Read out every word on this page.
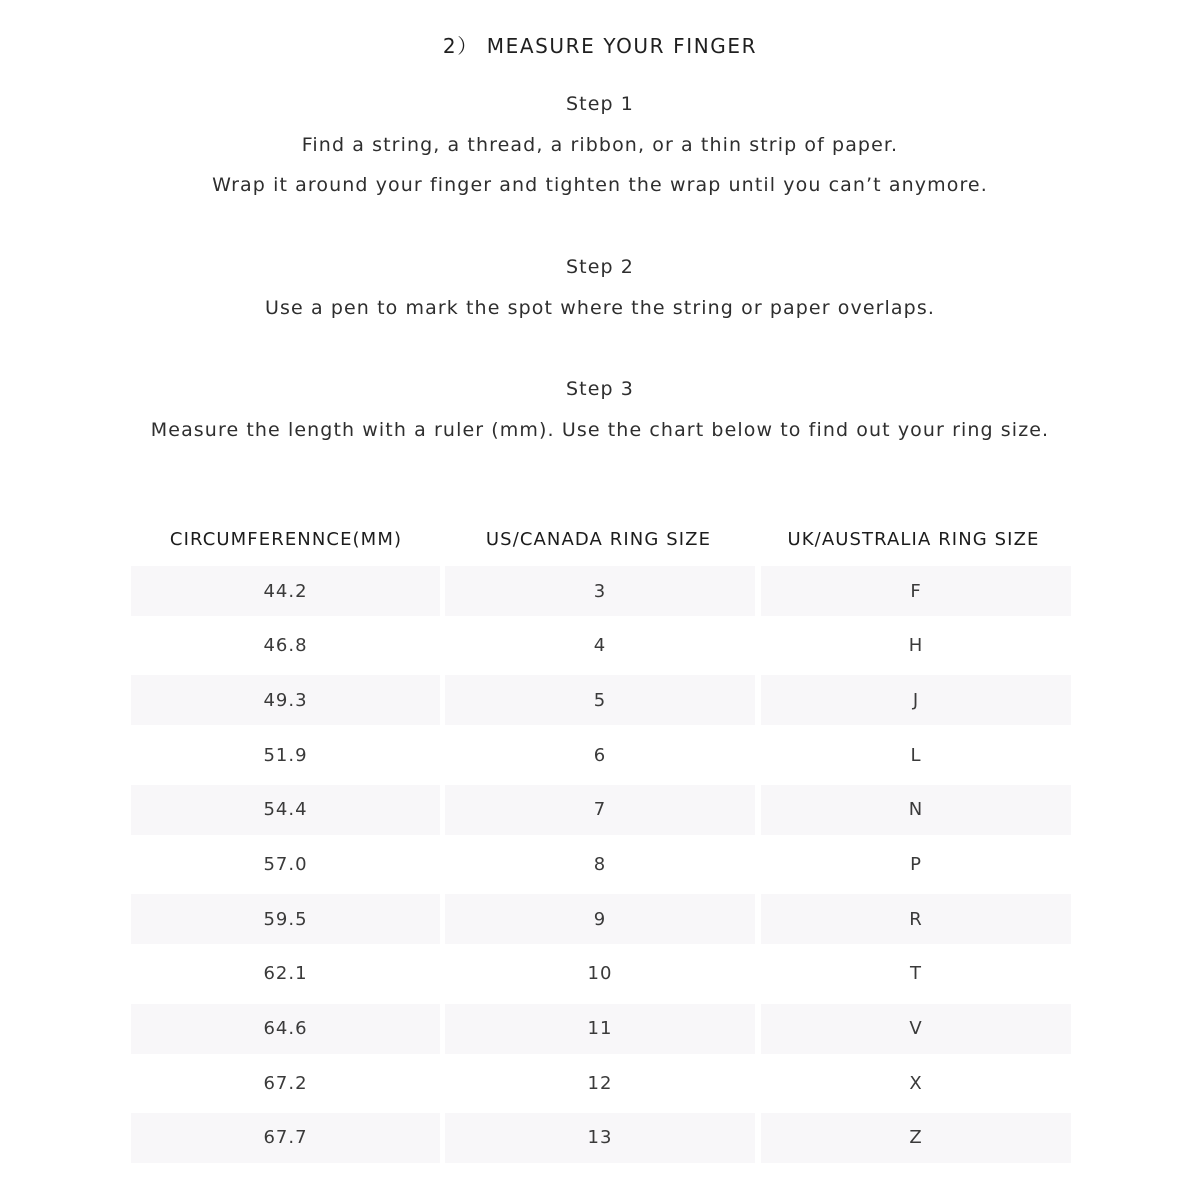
2） MEASURE YOUR FINGER
Step 1
Find a string, a thread, a ribbon, or a thin strip of paper.
Wrap it around your finger and tighten the wrap until you can’t anymore.
Step 2
Use a pen to mark the spot where the string or paper overlaps.
Step 3
Measure the length with a ruler (mm). Use the chart below to find out your ring size.
CIRCUMFERENNCE(MM)	US/CANADA RING SIZE	UK/AUSTRALIA RING SIZE
44.2	3	F
46.8	4	H
49.3	5	J
51.9	6	L
54.4	7	N
57.0	8	P
59.5	9	R
62.1	10	T
64.6	11	V
67.2	12	X
67.7	13	Z
